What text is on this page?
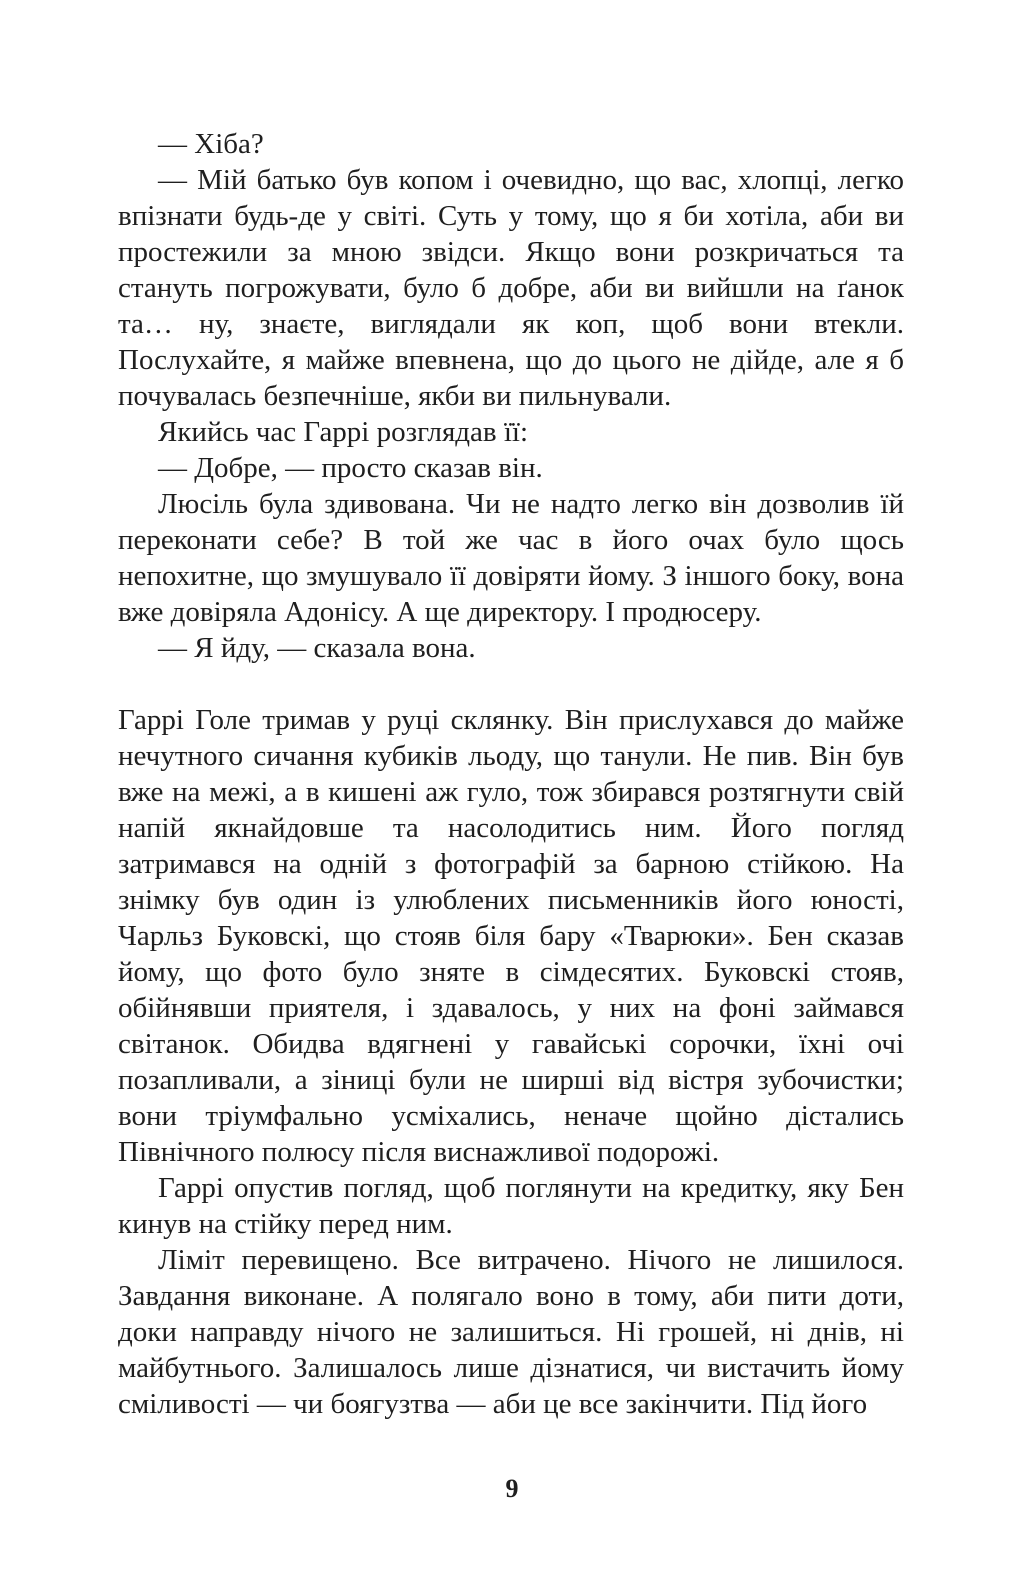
— Хіба?

— Мій батько був копом і очевидно, що вас, хлопці, легко впізнати будь-де у світі. Суть у тому, що я би хотіла, аби ви простежили за мною звідси. Якщо вони розкричаться та стануть погрожувати, було б добре, аби ви вийшли на ґанок та… ну, знаєте, виглядали як коп, щоб вони втекли. Послухайте, я майже впевнена, що до цього не дійде, але я б почувалась безпечніше, якби ви пильнували.

Якийсь час Гаррі розглядав її:

— Добре, — просто сказав він.

Люсіль була здивована. Чи не надто легко він дозволив їй переконати себе? В той же час в його очах було щось непохитне, що змушувало її довіряти йому. З іншого боку, вона вже довіряла Адонісу. А ще директору. І продюсеру.

— Я йду, — сказала вона.

Гаррі Голе тримав у руці склянку. Він прислухався до майже нечутного сичання кубиків льоду, що танули. Не пив. Він був вже на межі, а в кишені аж гуло, тож збирався розтягнути свій напій якнайдовше та насолодитись ним. Його погляд затримався на одній з фотографій за барною стійкою. На знімку був один із улюблених письменників його юності, Чарльз Буковскі, що стояв біля бару «Тварюки». Бен сказав йому, що фото було зняте в сімдесятих. Буковскі стояв, обійнявши приятеля, і здавалось, у них на фоні займався світанок. Обидва вдягнені у гавайські сорочки, їхні очі позапливали, а зіниці були не ширші від вістря зубочистки; вони тріумфально усміхались, неначе щойно дістались Північного полюсу після виснажливої подорожі.

Гаррі опустив погляд, щоб поглянути на кредитку, яку Бен кинув на стійку перед ним.

Ліміт перевищено. Все витрачено. Нічого не лишилося. Завдання виконане. А полягало воно в тому, аби пити доти, доки направду нічого не залишиться. Ні грошей, ні днів, ні майбутнього. Залишалось лише дізнатися, чи вистачить йому сміливості — чи боягузтва — аби це все закінчити. Під його

9
